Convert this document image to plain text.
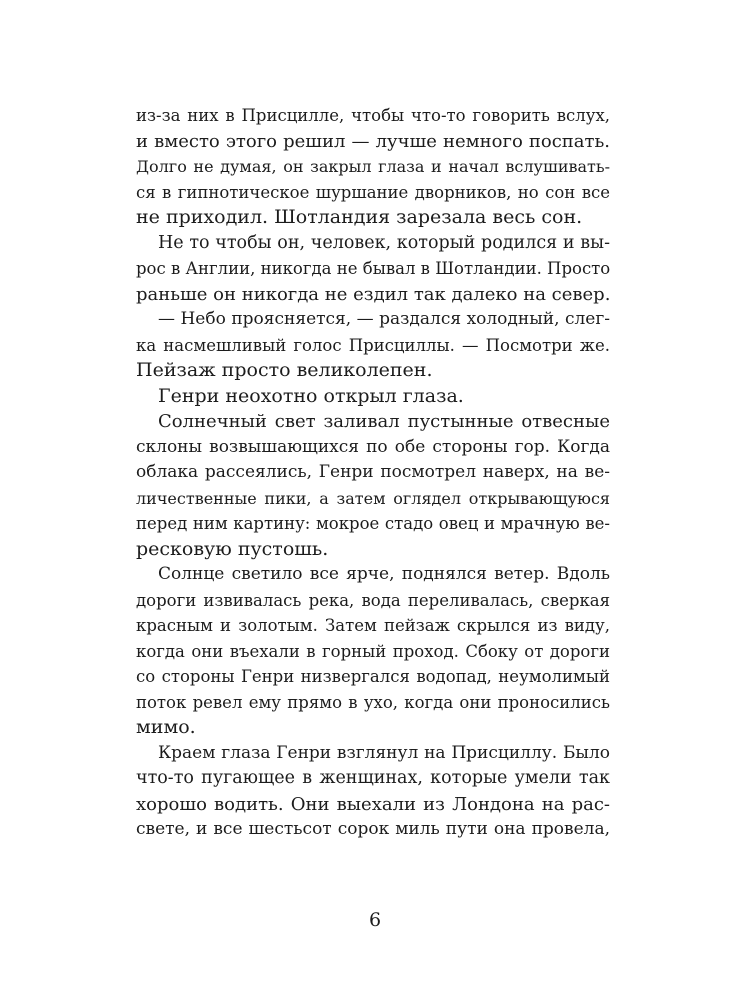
из-за них в Присцилле, чтобы что-то говорить вслух,
и вместо этого решил — лучше немного поспать.
Долго не думая, он закрыл глаза и начал вслушивать-
ся в гипнотическое шуршание дворников, но сон все
не приходил. Шотландия зарезала весь сон.
Не то чтобы он, человек, который родился и вы-
рос в Англии, никогда не бывал в Шотландии. Просто
раньше он никогда не ездил так далеко на север.
— Небо проясняется, — раздался холодный, слег-
ка насмешливый голос Присциллы. — Посмотри же.
Пейзаж просто великолепен.
Генри неохотно открыл глаза.
Солнечный свет заливал пустынные отвесные
склоны возвышающихся по обе стороны гор. Когда
облака рассеялись, Генри посмотрел наверх, на ве-
личественные пики, а затем оглядел открывающуюся
перед ним картину: мокрое стадо овец и мрачную ве-
ресковую пустошь.
Солнце светило все ярче, поднялся ветер. Вдоль
дороги извивалась река, вода переливалась, сверкая
красным и золотым. Затем пейзаж скрылся из виду,
когда они въехали в горный проход. Сбоку от дороги
со стороны Генри низвергался водопад, неумолимый
поток ревел ему прямо в ухо, когда они проносились
мимо.
Краем глаза Генри взглянул на Присциллу. Было
что-то пугающее в женщинах, которые умели так
хорошо водить. Они выехали из Лондона на рас-
свете, и все шестьсот сорок миль пути она провела,
6
